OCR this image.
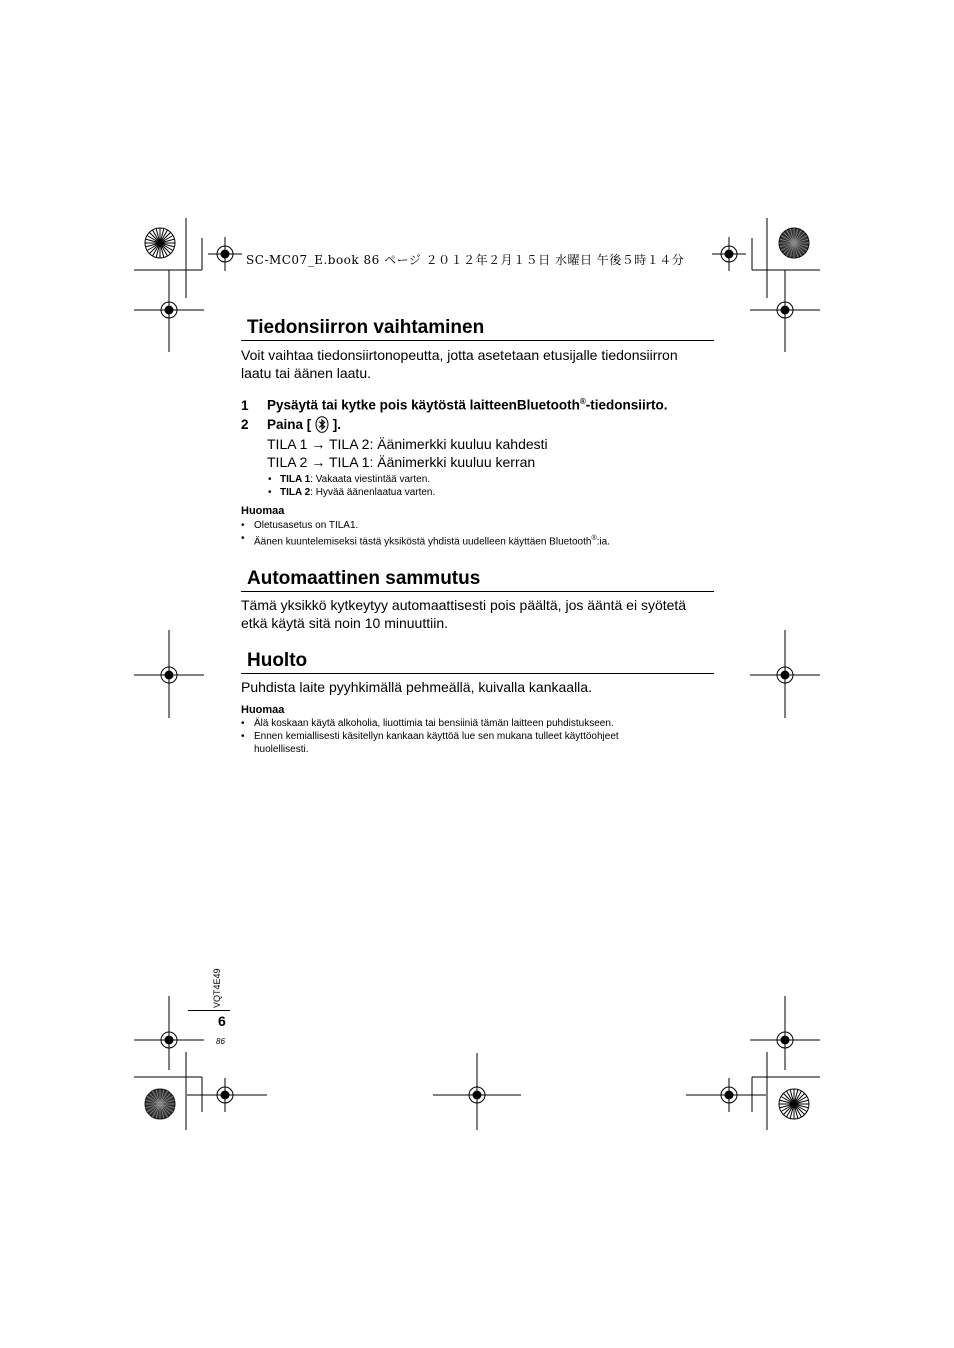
SC-MC07_E.book 86 ページ ２０１２年２月１５日 水曜日 午後５時１４分
Tiedonsiirron vaihtaminen
Voit vaihtaa tiedonsiirtonopeutta, jotta asetetaan etusijalle tiedonsiirron
laatu tai äänen laatu.
1 Pysäytä tai kytke pois käytöstä laitteenBluetooth®-tiedonsiirto.
2 Paina [  ].
TILA 1 → TILA 2: Äänimerkki kuuluu kahdesti
TILA 2 → TILA 1: Äänimerkki kuuluu kerran
• TILA 1: Vakaata viestintää varten.
• TILA 2: Hyvää äänenlaatua varten.
Huomaa
• Oletusasetus on TILA1.
• Äänen kuuntelemiseksi tästä yksiköstä yhdistä uudelleen käyttäen Bluetooth®:ia.
Automaattinen sammutus
Tämä yksikkö kytkeytyy automaattisesti pois päältä, jos ääntä ei syötetä
etkä käytä sitä noin 10 minuuttiin.
Huolto
Puhdista laite pyyhkimällä pehmeällä, kuivalla kankaalla.
Huomaa
• Älä koskaan käytä alkoholia, liuottimia tai bensiiniä tämän laitteen puhdistukseen.
• Ennen kemiallisesti käsitellyn kankaan käyttöä lue sen mukana tulleet käyttöohjeet
huolellisesti.
VQT4E49
6
86
